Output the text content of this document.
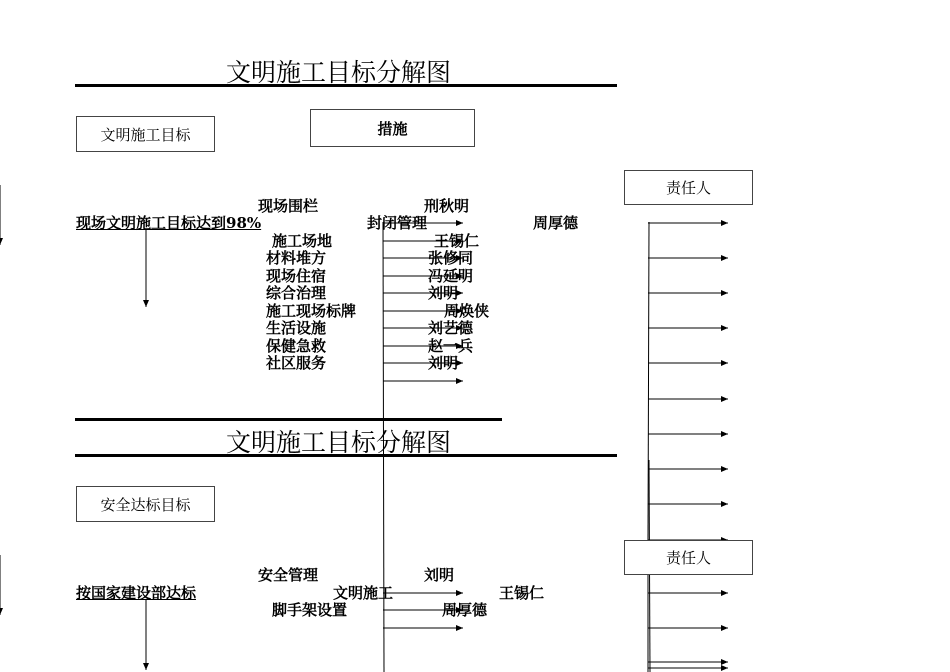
文明施工目标分解图
文明施工目标	措施
责任人
现场文明施工目标达到98%
现场围栏
封闭管理
施工场地
材料堆方
现场住宿
综合治理
施工现场标牌
生活设施
保健急救
社区服务
刑秋明
周厚德
王锡仁
张修同
冯延明
刘明
周焕侠
刘艺德
赵一兵
刘明
文明施工目标分解图
安全达标目标
责任人
按国家建设部达标
安全管理
文明施工
脚手架设置
刘明
王锡仁
周厚德
